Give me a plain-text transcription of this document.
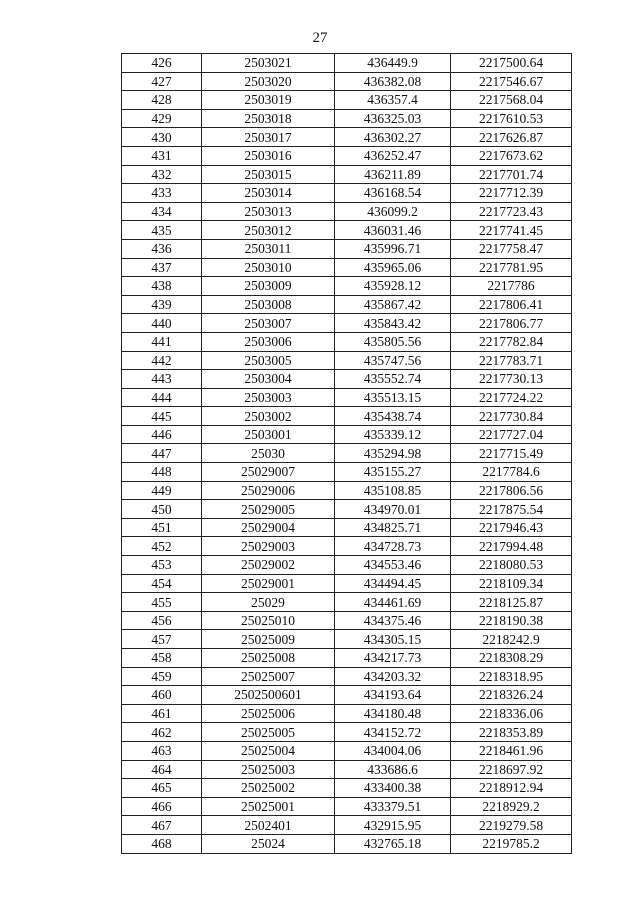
27
426	2503021	436449.9	2217500.64
427	2503020	436382.08	2217546.67
428	2503019	436357.4	2217568.04
429	2503018	436325.03	2217610.53
430	2503017	436302.27	2217626.87
431	2503016	436252.47	2217673.62
432	2503015	436211.89	2217701.74
433	2503014	436168.54	2217712.39
434	2503013	436099.2	2217723.43
435	2503012	436031.46	2217741.45
436	2503011	435996.71	2217758.47
437	2503010	435965.06	2217781.95
438	2503009	435928.12	2217786
439	2503008	435867.42	2217806.41
440	2503007	435843.42	2217806.77
441	2503006	435805.56	2217782.84
442	2503005	435747.56	2217783.71
443	2503004	435552.74	2217730.13
444	2503003	435513.15	2217724.22
445	2503002	435438.74	2217730.84
446	2503001	435339.12	2217727.04
447	25030	435294.98	2217715.49
448	25029007	435155.27	2217784.6
449	25029006	435108.85	2217806.56
450	25029005	434970.01	2217875.54
451	25029004	434825.71	2217946.43
452	25029003	434728.73	2217994.48
453	25029002	434553.46	2218080.53
454	25029001	434494.45	2218109.34
455	25029	434461.69	2218125.87
456	25025010	434375.46	2218190.38
457	25025009	434305.15	2218242.9
458	25025008	434217.73	2218308.29
459	25025007	434203.32	2218318.95
460	2502500601	434193.64	2218326.24
461	25025006	434180.48	2218336.06
462	25025005	434152.72	2218353.89
463	25025004	434004.06	2218461.96
464	25025003	433686.6	2218697.92
465	25025002	433400.38	2218912.94
466	25025001	433379.51	2218929.2
467	2502401	432915.95	2219279.58
468	25024	432765.18	2219785.2
